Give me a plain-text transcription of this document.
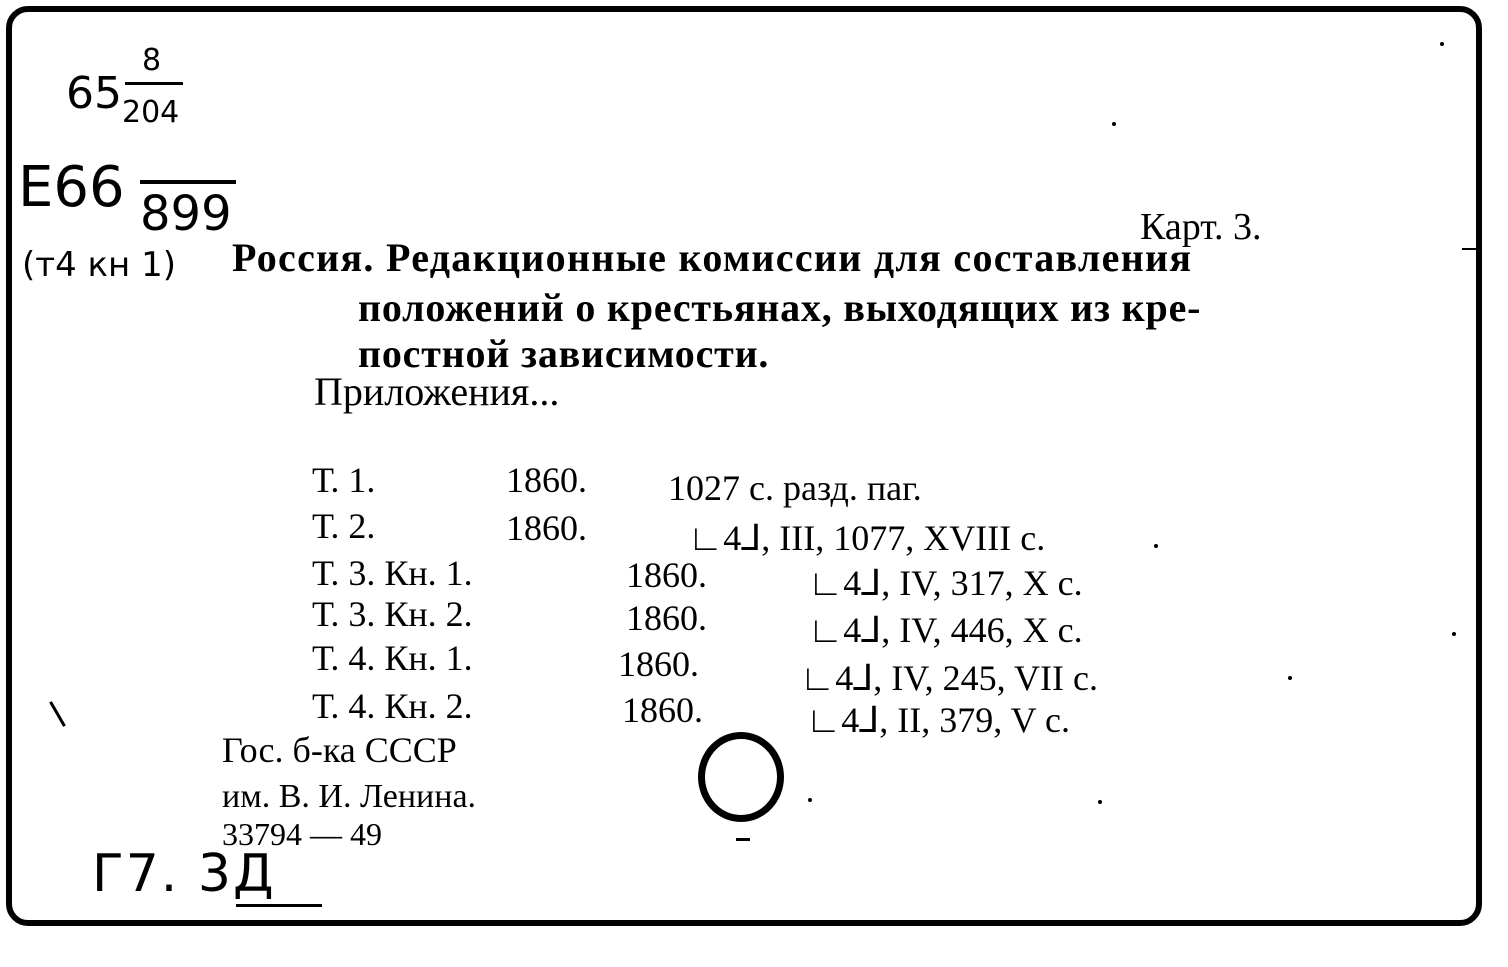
65
8
204
E66 899
(т4 кн 1)
Карт. 3.
Россия. Редакционные комиссии для составления
положений о крестьянах, выходящих из кре-
постной зависимости.
Приложения...
Т. 1.	1860. 1027 с. разд. паг.
Т. 2.	1860.	∟4⅃, III, 1077, XVIII с.
Т. 3. Кн. 1.	1860.	∟4⅃, IV, 317, X с.
Т. 3. Кн. 2.	1860.	∟4⅃, IV, 446, X с.
Т. 4. Кн. 1.	1860.	∟4⅃, IV, 245, VII с.
Т. 4. Кн. 2.	1860.	∟4⅃, II, 379, V с.
Гос. б-ка СССР
им. В. И. Ленина.
33794 — 49
Г7. 3Д
